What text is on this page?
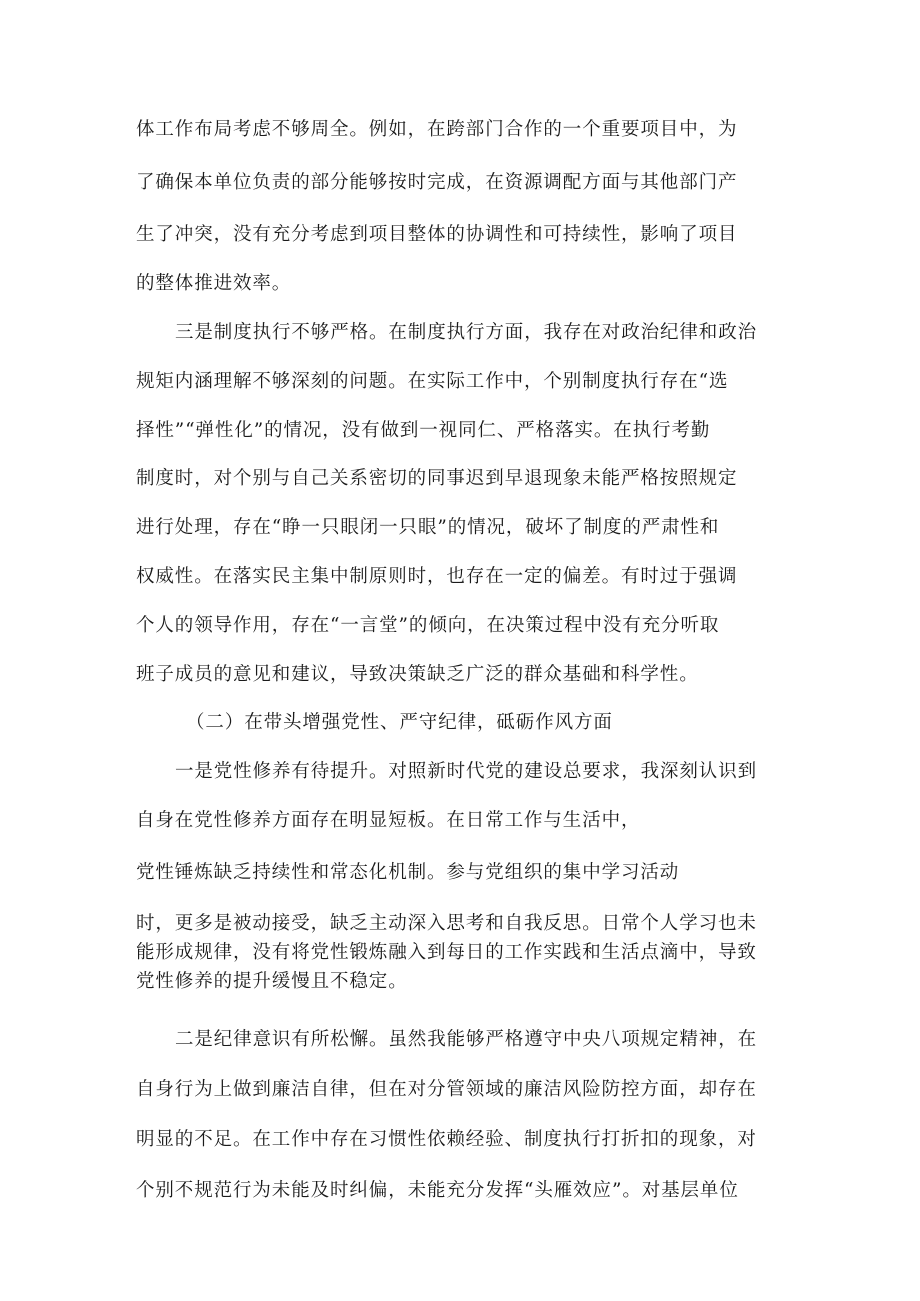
体工作布局考虑不够周全。例如，在跨部门合作的一个重要项目中，为
了确保本单位负责的部分能够按时完成，在资源调配方面与其他部门产
生了冲突，没有充分考虑到项目整体的协调性和可持续性，影响了项目
的整体推进效率。
三是制度执行不够严格。在制度执行方面，我存在对政治纪律和政治
规矩内涵理解不够深刻的问题。在实际工作中，个别制度执行存在“选
择性”“弹性化”的情况，没有做到一视同仁、严格落实。在执行考勤
制度时，对个别与自己关系密切的同事迟到早退现象未能严格按照规定
进行处理，存在“睁一只眼闭一只眼”的情况，破坏了制度的严肃性和
权威性。在落实民主集中制原则时，也存在一定的偏差。有时过于强调
个人的领导作用，存在“一言堂”的倾向，在决策过程中没有充分听取
班子成员的意见和建议，导致决策缺乏广泛的群众基础和科学性。
（二）在带头增强党性、严守纪律，砥砺作风方面
一是党性修养有待提升。对照新时代党的建设总要求，我深刻认识到
自身在党性修养方面存在明显短板。在日常工作与生活中，
党性锤炼缺乏持续性和常态化机制。参与党组织的集中学习活动
时，更多是被动接受，缺乏主动深入思考和自我反思。日常个人学习也未
能形成规律，没有将党性锻炼融入到每日的工作实践和生活点滴中，导致
党性修养的提升缓慢且不稳定。
二是纪律意识有所松懈。虽然我能够严格遵守中央八项规定精神，在
自身行为上做到廉洁自律，但在对分管领域的廉洁风险防控方面，却存在
明显的不足。在工作中存在习惯性依赖经验、制度执行打折扣的现象，对
个别不规范行为未能及时纠偏，未能充分发挥“头雁效应”。对基层单位
